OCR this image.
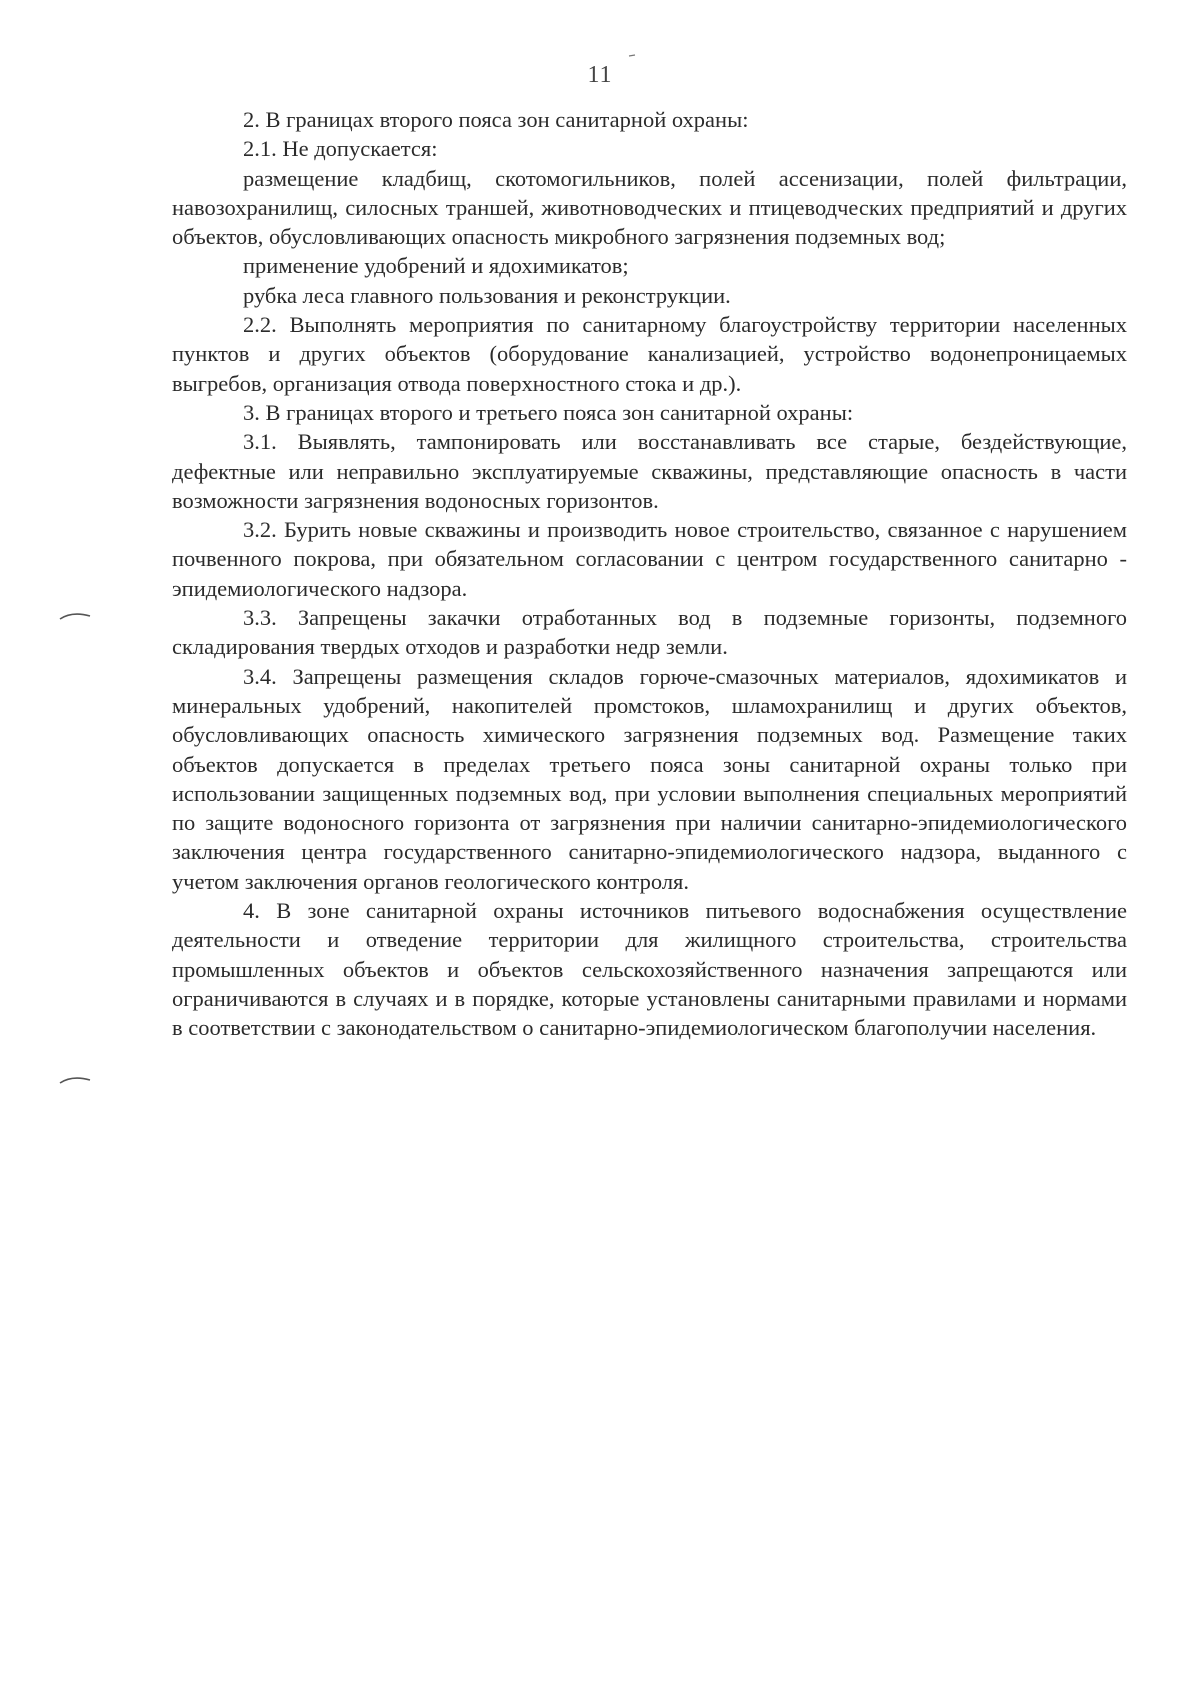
11

2. В границах второго пояса зон санитарной охраны:

2.1. Не допускается:

размещение кладбищ, скотомогильников, полей ассенизации, полей фильтрации, навозохранилищ, силосных траншей, животноводческих и птицеводческих предприятий и других объектов, обусловливающих опасность микробного загрязнения подземных вод;

применение удобрений и ядохимикатов;

рубка леса главного пользования и реконструкции.

2.2. Выполнять мероприятия по санитарному благоустройству территории населенных пунктов и других объектов (оборудование канализацией, устройство водонепроницаемых выгребов, организация отвода поверхностного стока и др.).

3. В границах второго и третьего пояса зон санитарной охраны:

3.1. Выявлять, тампонировать или восстанавливать все старые, бездействующие, дефектные или неправильно эксплуатируемые скважины, представляющие опасность в части возможности загрязнения водоносных горизонтов.

3.2. Бурить новые скважины и производить новое строительство, связанное с нарушением почвенного покрова, при обязательном согласовании с центром государственного санитарно - эпидемиологического надзора.

3.3. Запрещены закачки отработанных вод в подземные горизонты, подземного складирования твердых отходов и разработки недр земли.

3.4. Запрещены размещения складов горюче-смазочных материалов, ядохимикатов и минеральных удобрений, накопителей промстоков, шламохранилищ и других объектов, обусловливающих опасность химического загрязнения подземных вод. Размещение таких объектов допускается в пределах третьего пояса зоны санитарной охраны только при использовании защищенных подземных вод, при условии выполнения специальных мероприятий по защите водоносного горизонта от загрязнения при наличии санитарно-эпидемиологического заключения центра государственного санитарно-эпидемиологического надзора, выданного с учетом заключения органов геологического контроля.

4. В зоне санитарной охраны источников питьевого водоснабжения осуществление деятельности и отведение территории для жилищного строительства, строительства промышленных объектов и объектов сельскохозяйственного назначения запрещаются или ограничиваются в случаях и в порядке, которые установлены санитарными правилами и нормами в соответствии с законодательством о санитарно-эпидемиологическом благополучии населения.
